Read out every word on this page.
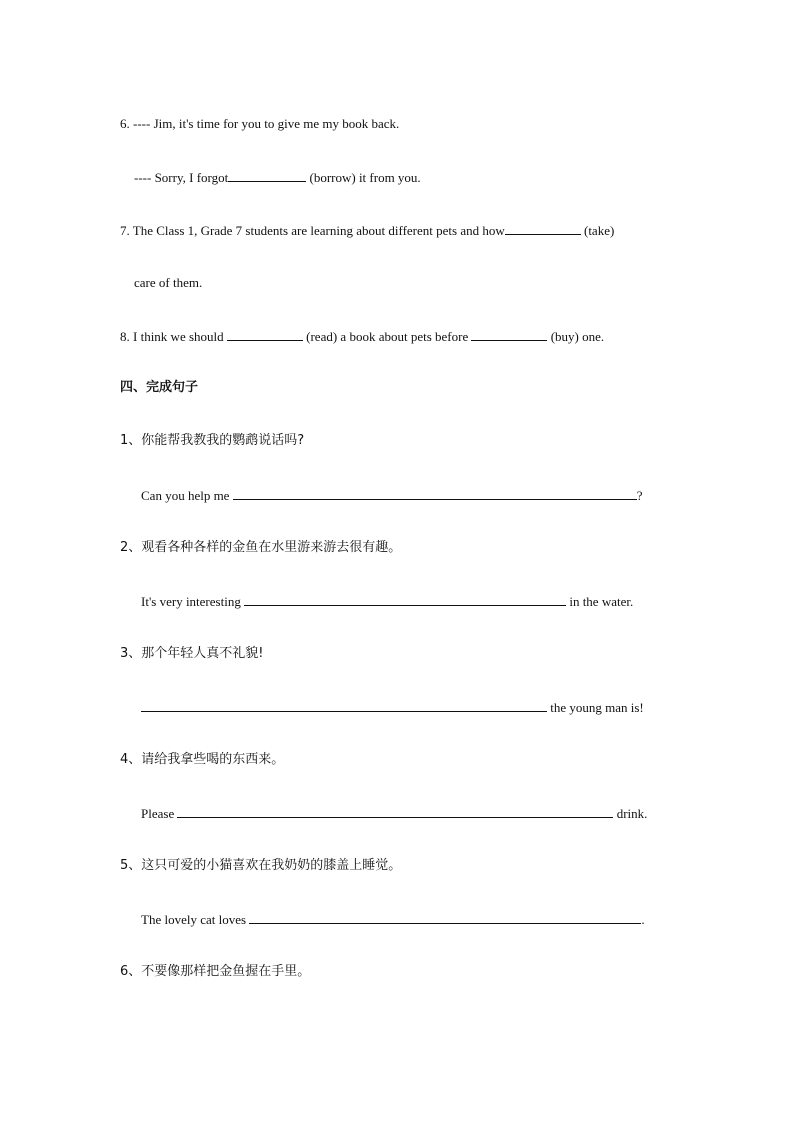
6. ---- Jim, it's time for you to give me my book back.
---- Sorry, I forgot	(borrow) it from you.
7. The Class 1, Grade 7 students are learning about different pets and how	(take)
care of them.
8. I think we should	(read) a book about pets before	(buy) one.
四、完成句子
1、你能帮我教我的鹦鹉说话吗?
Can you help me	?
2、观看各种各样的金鱼在水里游来游去很有趣。
It's very interesting	in the water.
3、那个年轻人真不礼貌!
the young man is!
4、请给我拿些喝的东西来。
Please	drink.
5、这只可爱的小猫喜欢在我奶奶的膝盖上睡觉。
The lovely cat loves	.
6、不要像那样把金鱼握在手里。
